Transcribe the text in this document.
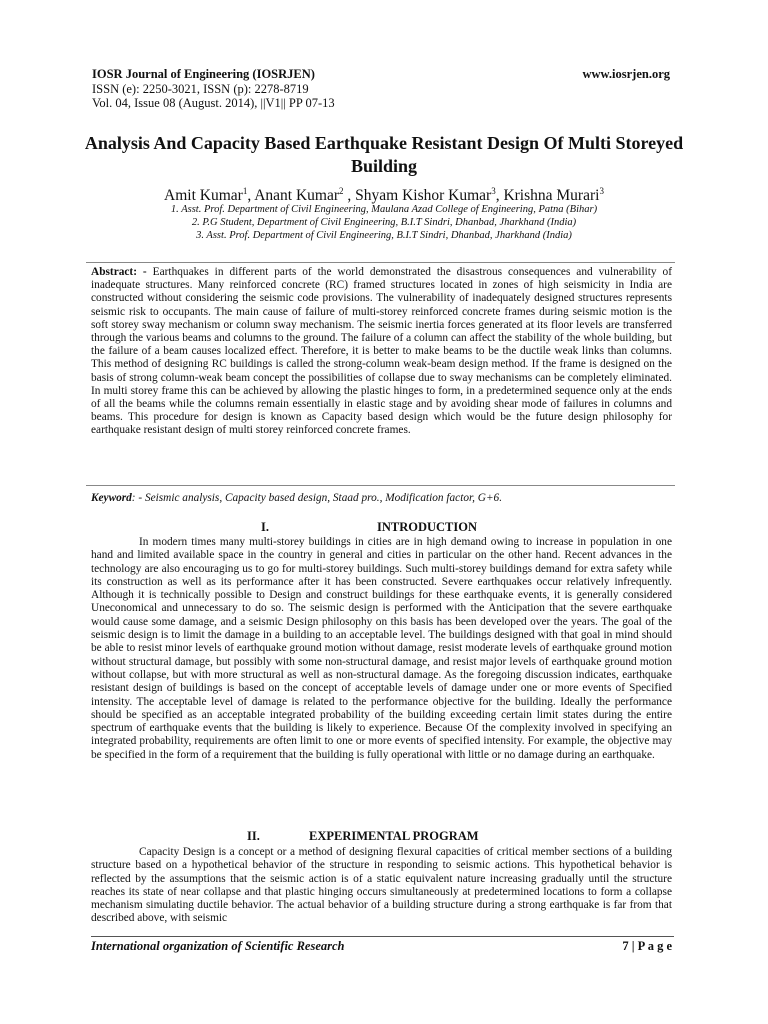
IOSR Journal of Engineering (IOSRJEN)
ISSN (e): 2250-3021, ISSN (p): 2278-8719
Vol. 04, Issue 08 (August. 2014), ||V1|| PP 07-13
www.iosrjen.org
Analysis And Capacity Based Earthquake Resistant Design Of Multi Storeyed Building
Amit Kumar$^1$, Anant Kumar$^2$ , Shyam Kishor Kumar$^3$, Krishna Murari$^3$
1. Asst. Prof. Department of Civil Engineering, Maulana Azad College of Engineering, Patna (Bihar)
2. P.G Student, Department of Civil Engineering, B.I.T Sindri, Dhanbad, Jharkhand (India)
3. Asst. Prof. Department of Civil Engineering, B.I.T Sindri, Dhanbad, Jharkhand (India)
Abstract: - Earthquakes in different parts of the world demonstrated the disastrous consequences and vulnerability of inadequate structures. Many reinforced concrete (RC) framed structures located in zones of high seismicity in India are constructed without considering the seismic code provisions. The vulnerability of inadequately designed structures represents seismic risk to occupants. The main cause of failure of multi-storey reinforced concrete frames during seismic motion is the soft storey sway mechanism or column sway mechanism. The seismic inertia forces generated at its floor levels are transferred through the various beams and columns to the ground. The failure of a column can affect the stability of the whole building, but the failure of a beam causes localized effect. Therefore, it is better to make beams to be the ductile weak links than columns. This method of designing RC buildings is called the strong-column weak-beam design method. If the frame is designed on the basis of strong column-weak beam concept the possibilities of collapse due to sway mechanisms can be completely eliminated. In multi storey frame this can be achieved by allowing the plastic hinges to form, in a predetermined sequence only at the ends of all the beams while the columns remain essentially in elastic stage and by avoiding shear mode of failures in columns and beams. This procedure for design is known as Capacity based design which would be the future design philosophy for earthquake resistant design of multi storey reinforced concrete frames.
Keyword: - Seismic analysis, Capacity based design, Staad pro., Modification factor, G+6.
I.	INTRODUCTION

In modern times many multi-storey buildings in cities are in high demand owing to increase in population in one hand and limited available space in the country in general and cities in particular on the other hand. Recent advances in the technology are also encouraging us to go for multi-storey buildings. Such multi-storey buildings demand for extra safety while its construction as well as its performance after it has been constructed. Severe earthquakes occur relatively infrequently. Although it is technically possible to Design and construct buildings for these earthquake events, it is generally considered Uneconomical and unnecessary to do so. The seismic design is performed with the Anticipation that the severe earthquake would cause some damage, and a seismic Design philosophy on this basis has been developed over the years. The goal of the seismic design is to limit the damage in a building to an acceptable level. The buildings designed with that goal in mind should be able to resist minor levels of earthquake ground motion without damage, resist moderate levels of earthquake ground motion without structural damage, but possibly with some non-structural damage, and resist major levels of earthquake ground motion without collapse, but with more structural as well as non-structural damage. As the foregoing discussion indicates, earthquake resistant design of buildings is based on the concept of acceptable levels of damage under one or more events of Specified intensity. The acceptable level of damage is related to the performance objective for the building. Ideally the performance should be specified as an acceptable integrated probability of the building exceeding certain limit states during the entire spectrum of earthquake events that the building is likely to experience. Because Of the complexity involved in specifying an integrated probability, requirements are often limit to one or more events of specified intensity. For example, the objective may be specified in the form of a requirement that the building is fully operational with little or no damage during an earthquake.

II.	EXPERIMENTAL PROGRAM

Capacity Design is a concept or a method of designing flexural capacities of critical member sections of a building structure based on a hypothetical behavior of the structure in responding to seismic actions. This hypothetical behavior is reflected by the assumptions that the seismic action is of a static equivalent nature increasing gradually until the structure reaches its state of near collapse and that plastic hinging occurs simultaneously at predetermined locations to form a collapse mechanism simulating ductile behavior. The actual behavior of a building structure during a strong earthquake is far from that described above, with seismic

International organization of Scientific Research	7 | P a g e
